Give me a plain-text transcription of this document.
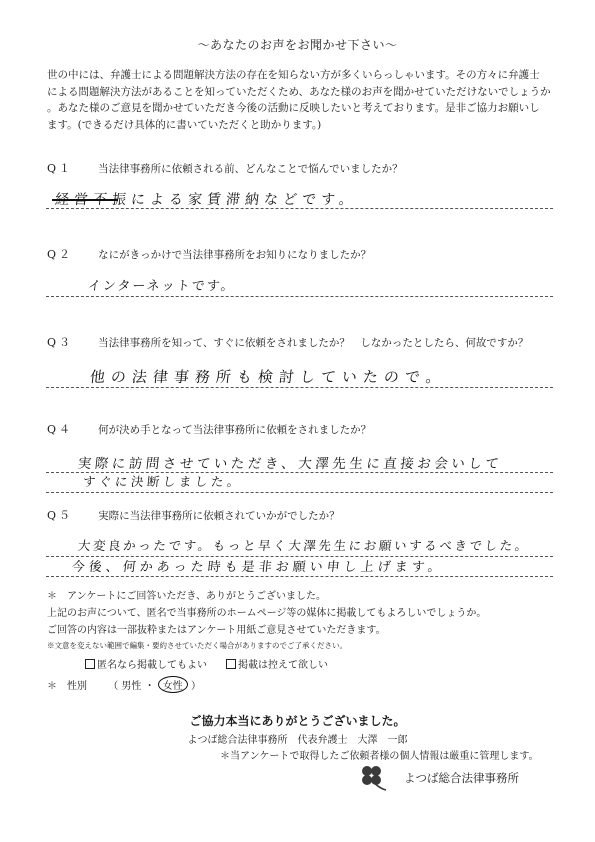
～あなたのお声をお聞かせ下さい～
世の中には、弁護士による問題解決方法の存在を知らない方が多くいらっしゃいます。その方々に弁護士
による問題解決方法があることを知っていただくため、あなた様のお声を聞かせていただけないでしょうか
。あなた様のご意見を聞かせていただき今後の活動に反映したいと考えております。是非ご協力お願いし
ます。(できるだけ具体的に書いていただくと助かります。)
Q１ 当法律事務所に依頼される前、どんなことで悩んでいましたか？
経営不振による家賃滞納などです。
Q２ なにがきっかけで当法律事務所をお知りになりましたか？
インターネットです。
Q３ 当法律事務所を知って、すぐに依頼をされましたか？　しなかったとしたら、何故ですか？
他の法律事務所も検討していたので。
Q４ 何が決め手となって当法律事務所に依頼をされましたか？
実際に訪問させていただき、大澤先生に直接お会いして
すぐに決断しました。
Q５ 実際に当法律事務所に依頼されていかがでしたか？
大変良かったです。もっと早く大澤先生にお願いするべきでした。
今後、何かあった時も是非お願い申し上げます。
＊　アンケートにご回答いただき、ありがとうございました。
上記のお声について、匿名で当事務所のホームページ等の媒体に掲載してもよろしいでしょうか。
ご回答の内容は一部抜粋またはアンケート用紙ご意見させていただきます。
※文意を変えない範囲で編集・要約させていただく場合がありますのでご了承ください。
匿名なら掲載してもよい	掲載は控えて欲しい
＊　性別 （ 男性 ・ 女性 ）
ご協力本当にありがとうございました。
よつば総合法律事務所　代表弁護士　大澤　一郎
＊当アンケートで取得したご依頼者様の個人情報は厳重に管理します。
よつば総合法律事務所
